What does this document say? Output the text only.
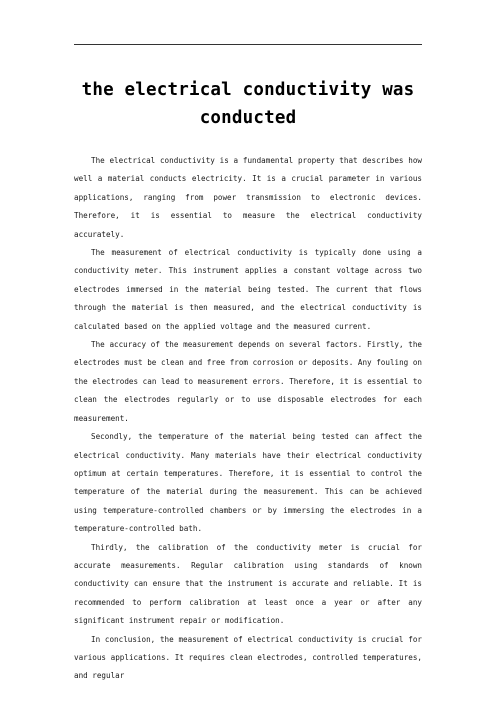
the electrical conductivity was conducted

The electrical conductivity is a fundamental property that describes how well a material conducts electricity. It is a crucial parameter in various applications, ranging from power transmission to electronic devices. Therefore, it is essential to measure the electrical conductivity accurately.

The measurement of electrical conductivity is typically done using a conductivity meter. This instrument applies a constant voltage across two electrodes immersed in the material being tested. The current that flows through the material is then measured, and the electrical conductivity is calculated based on the applied voltage and the measured current.

The accuracy of the measurement depends on several factors. Firstly, the electrodes must be clean and free from corrosion or deposits. Any fouling on the electrodes can lead to measurement errors. Therefore, it is essential to clean the electrodes regularly or to use disposable electrodes for each measurement.

Secondly, the temperature of the material being tested can affect the electrical conductivity. Many materials have their electrical conductivity optimum at certain temperatures. Therefore, it is essential to control the temperature of the material during the measurement. This can be achieved using temperature-controlled chambers or by immersing the electrodes in a temperature-controlled bath.

Thirdly, the calibration of the conductivity meter is crucial for accurate measurements. Regular calibration using standards of known conductivity can ensure that the instrument is accurate and reliable. It is recommended to perform calibration at least once a year or after any significant instrument repair or modification.

In conclusion, the measurement of electrical conductivity is crucial for various applications. It requires clean electrodes, controlled temperatures, and regular
